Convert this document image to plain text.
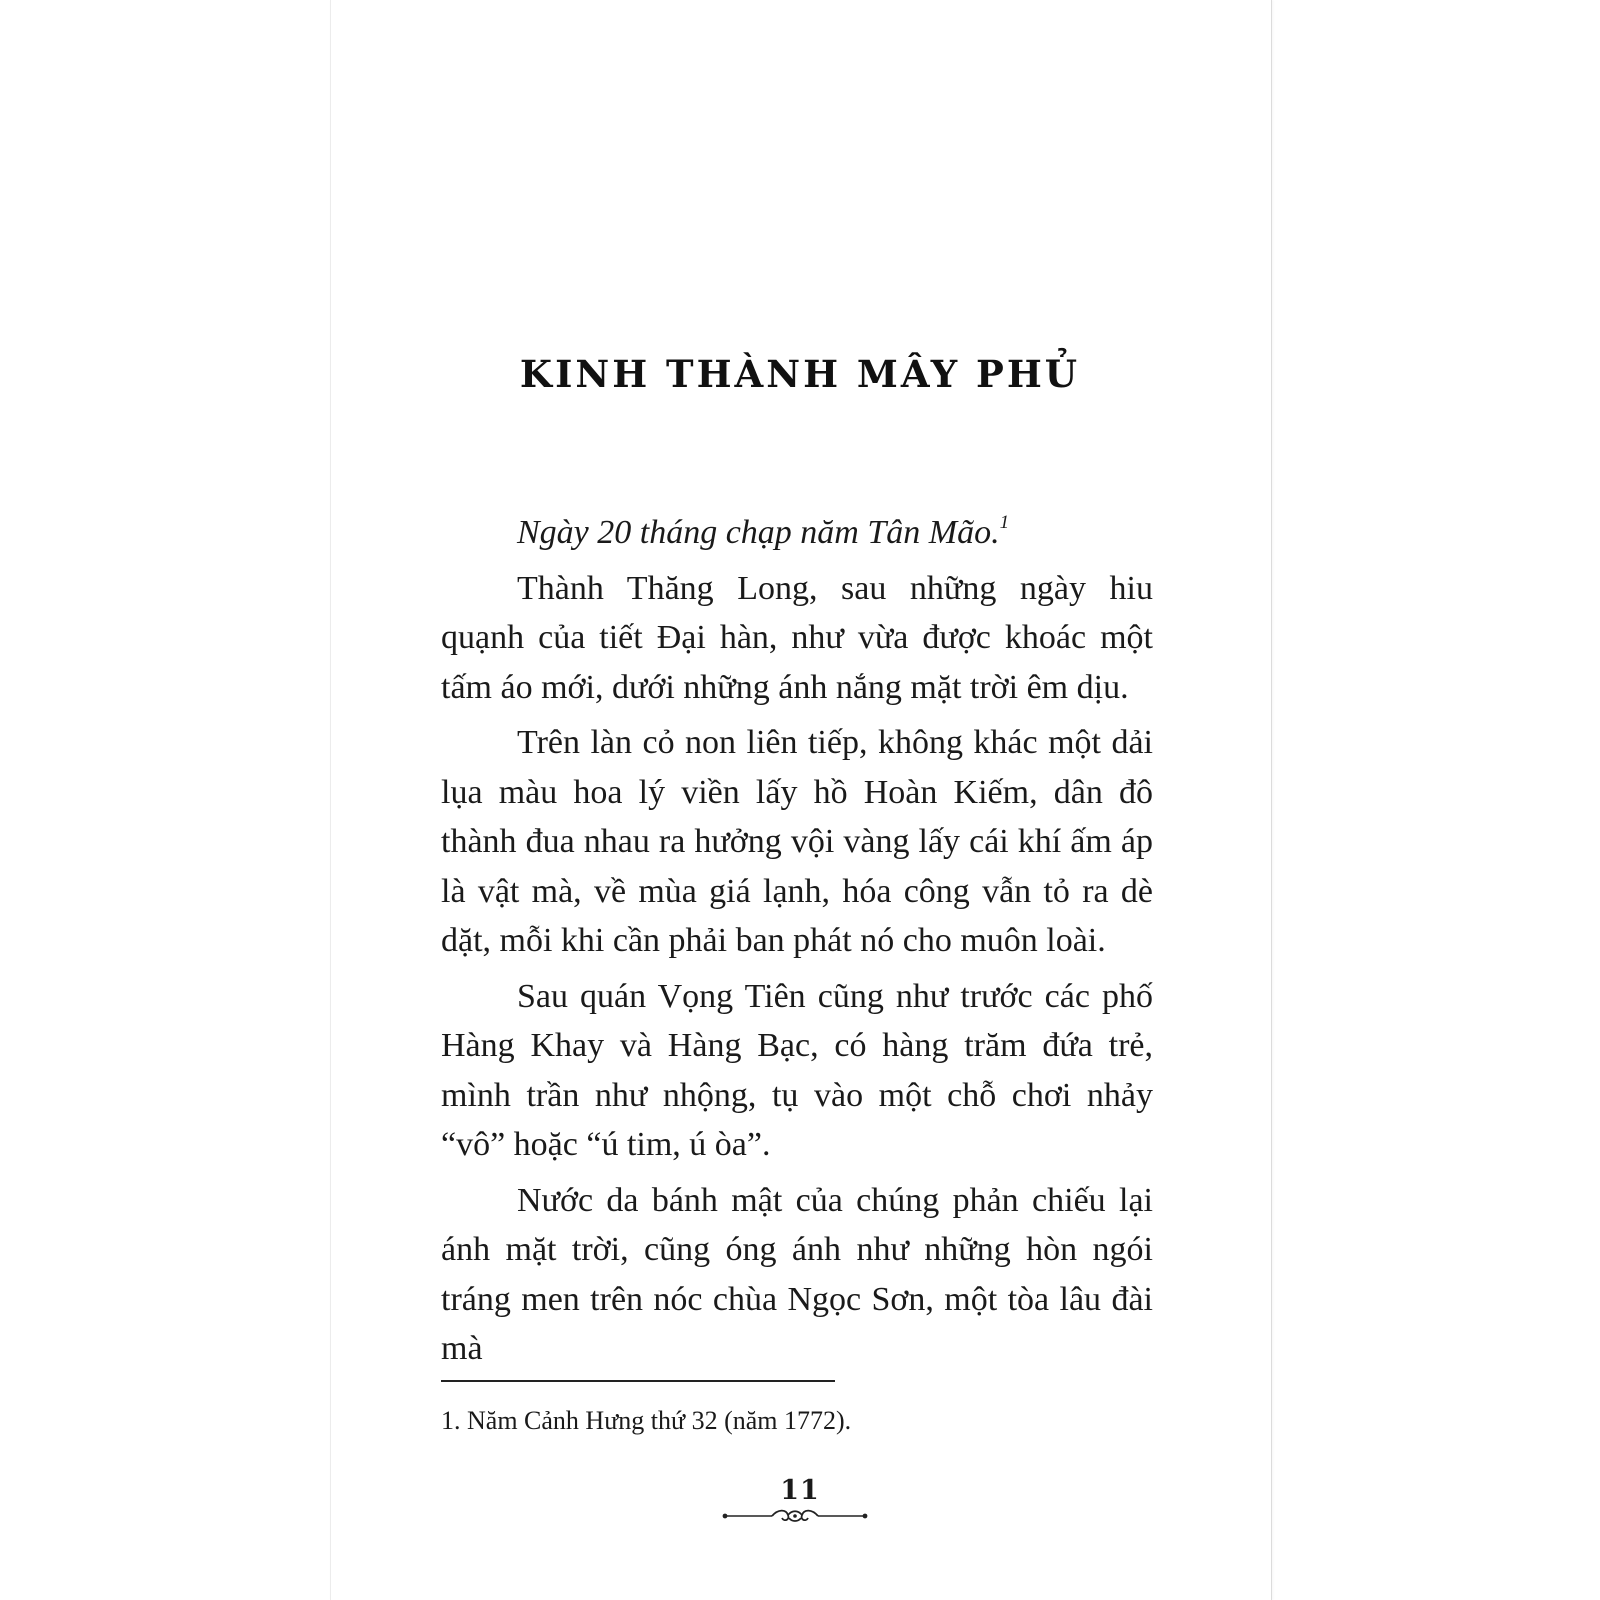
KINH THÀNH MÂY PHỦ

Ngày 20 tháng chạp năm Tân Mão.$^1$

Thành Thăng Long, sau những ngày hiu quạnh của tiết Đại hàn, như vừa được khoác một tấm áo mới, dưới những ánh nắng mặt trời êm dịu.

Trên làn cỏ non liên tiếp, không khác một dải lụa màu hoa lý viền lấy hồ Hoàn Kiếm, dân đô thành đua nhau ra hưởng vội vàng lấy cái khí ấm áp là vật mà, về mùa giá lạnh, hóa công vẫn tỏ ra dè dặt, mỗi khi cần phải ban phát nó cho muôn loài.

Sau quán Vọng Tiên cũng như trước các phố Hàng Khay và Hàng Bạc, có hàng trăm đứa trẻ, mình trần như nhộng, tụ vào một chỗ chơi nhảy “vô” hoặc “ú tim, ú òa”.

Nước da bánh mật của chúng phản chiếu lại ánh mặt trời, cũng óng ánh như những hòn ngói tráng men trên nóc chùa Ngọc Sơn, một tòa lâu đài mà

1. Năm Cảnh Hưng thứ 32 (năm 1772).

11
